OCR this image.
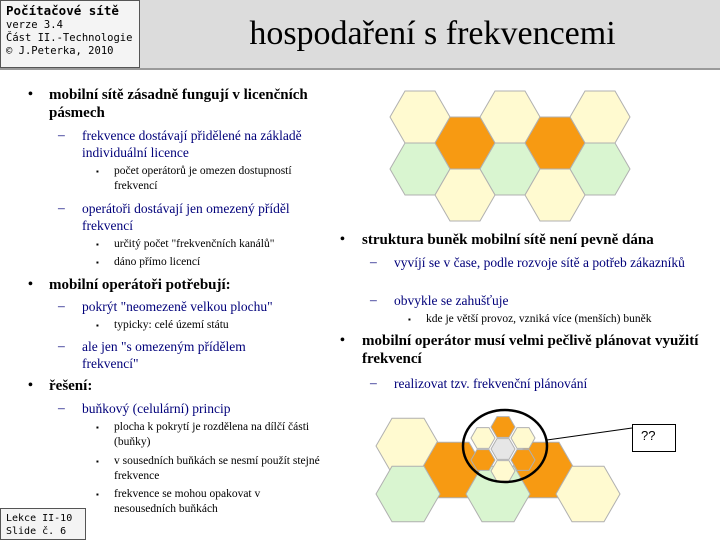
Počítačové sítě
verze 3.4
Část II.-Technologie
© J.Peterka, 2010	hospodaření s frekvencemi
??
• mobilní sítě zásadně fungují v licenčních pásmech
– frekvence dostávají přidělené na základě individuální licence
▪ počet operátorů je omezen dostupností frekvencí
– operátoři dostávají jen omezený příděl frekvencí
▪ určitý počet "frekvenčních kanálů"
▪ dáno přímo licencí
• mobilní operátoři potřebují:
– pokrýt "neomezeně velkou plochu"
▪ typicky: celé území státu
– ale jen "s omezeným přídělem frekvencí"
• řešení:
– buňkový (celulární) princip
▪ plocha k pokrytí je rozdělena na dílčí části (buňky)
▪ v sousedních buňkách se nesmí použít stejné frekvence
▪ frekvence se mohou opakovat v nesousedních buňkách
• struktura buněk mobilní sítě není pevně dána
– vyvíjí se v čase, podle rozvoje sítě a potřeb zákazníků
– obvykle se zahušťuje
▪ kde je větší provoz, vzniká více (menších) buněk
• mobilní operátor musí velmi pečlivě plánovat využití frekvencí
– realizovat tzv. frekvenční plánování
Lekce II-10
Slide č. 6
